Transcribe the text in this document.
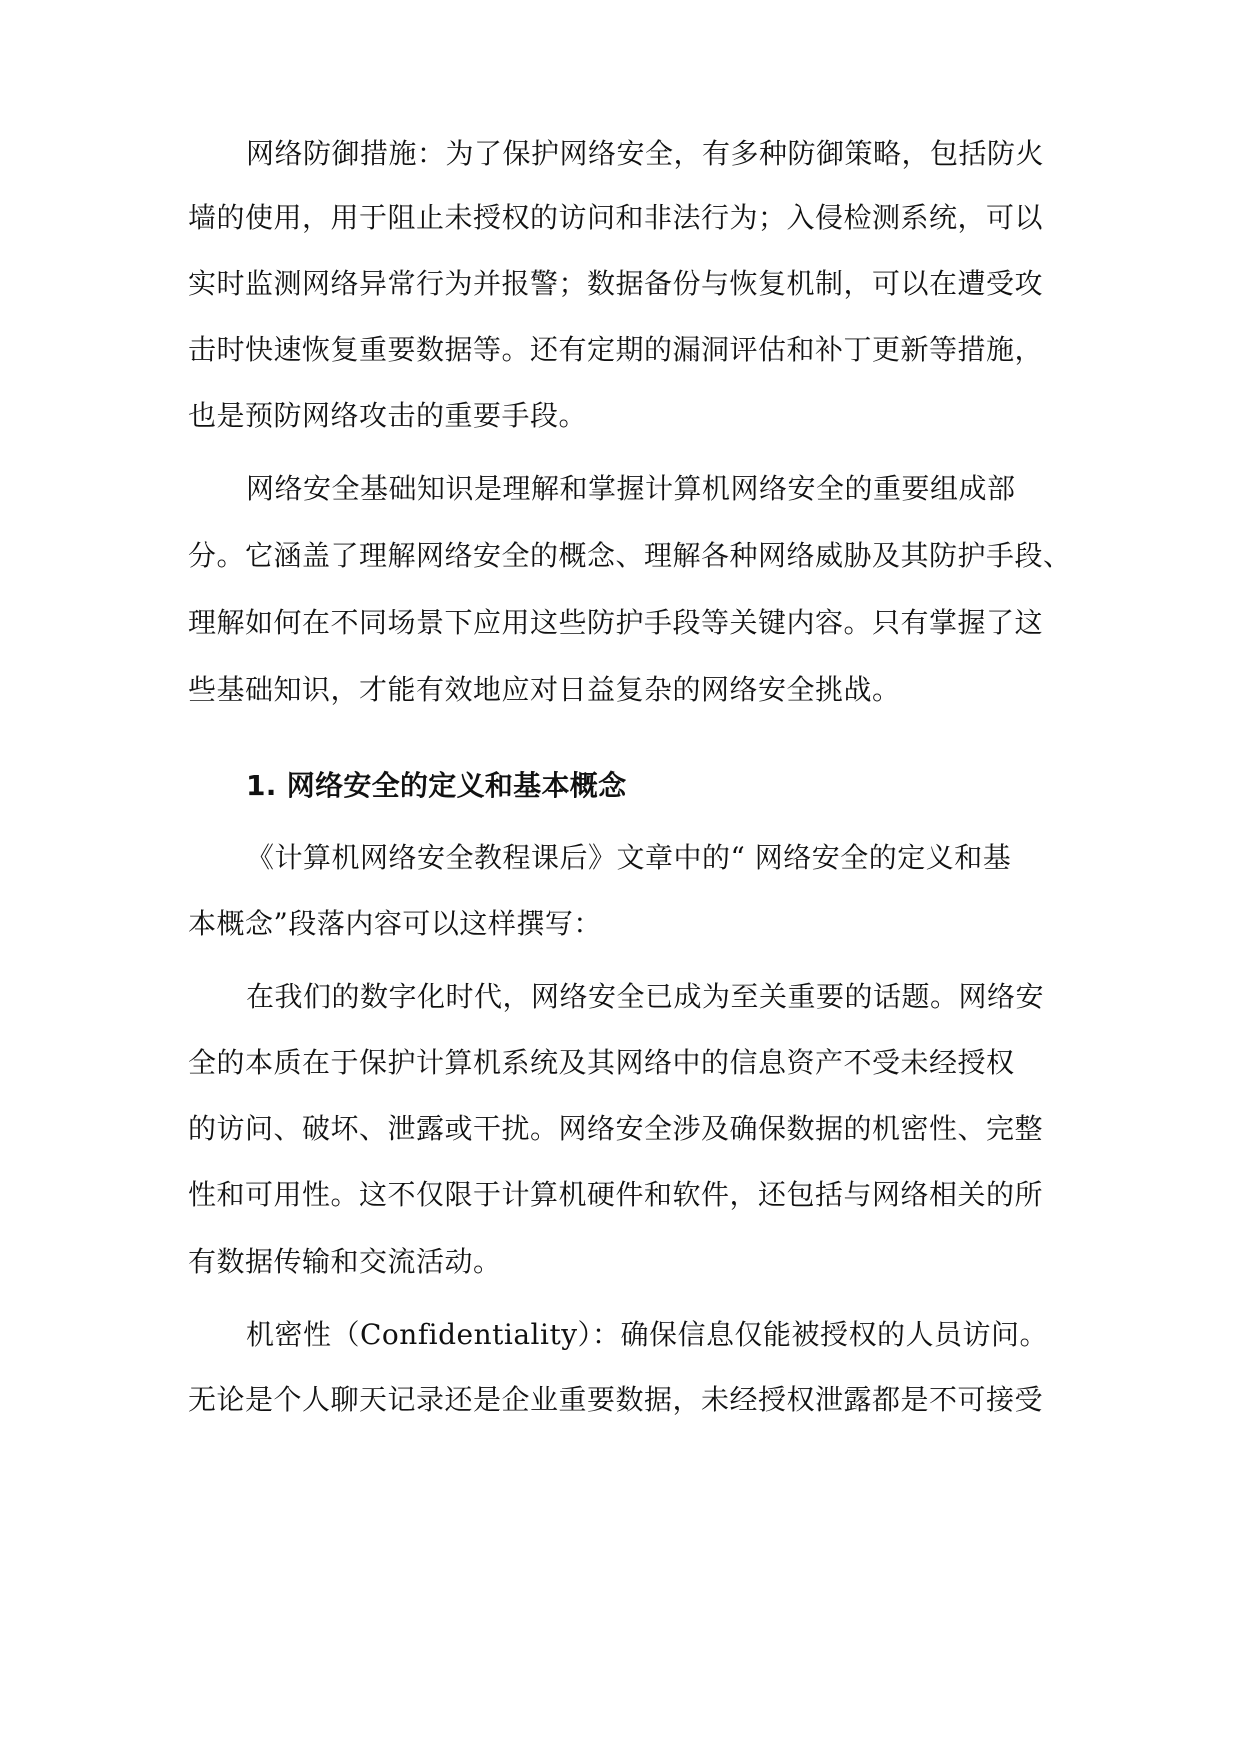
网络防御措施：为了保护网络安全，有多种防御策略，包括防火

墙的使用，用于阻止未授权的访问和非法行为；入侵检测系统，可以

实时监测网络异常行为并报警；数据备份与恢复机制，可以在遭受攻

击时快速恢复重要数据等。还有定期的漏洞评估和补丁更新等措施，

也是预防网络攻击的重要手段。

网络安全基础知识是理解和掌握计算机网络安全的重要组成部

分。它涵盖了理解网络安全的概念、理解各种网络威胁及其防护手段、

理解如何在不同场景下应用这些防护手段等关键内容。只有掌握了这

些基础知识，才能有效地应对日益复杂的网络安全挑战。

1. 网络安全的定义和基本概念

《计算机网络安全教程课后》文章中的“ 网络安全的定义和基

本概念”段落内容可以这样撰写：

在我们的数字化时代，网络安全已成为至关重要的话题。网络安

全的本质在于保护计算机系统及其网络中的信息资产不受未经授权

的访问、破坏、泄露或干扰。网络安全涉及确保数据的机密性、完整

性和可用性。这不仅限于计算机硬件和软件，还包括与网络相关的所

有数据传输和交流活动。

机密性（Confidentiality）：确保信息仅能被授权的人员访问。

无论是个人聊天记录还是企业重要数据，未经授权泄露都是不可接受
